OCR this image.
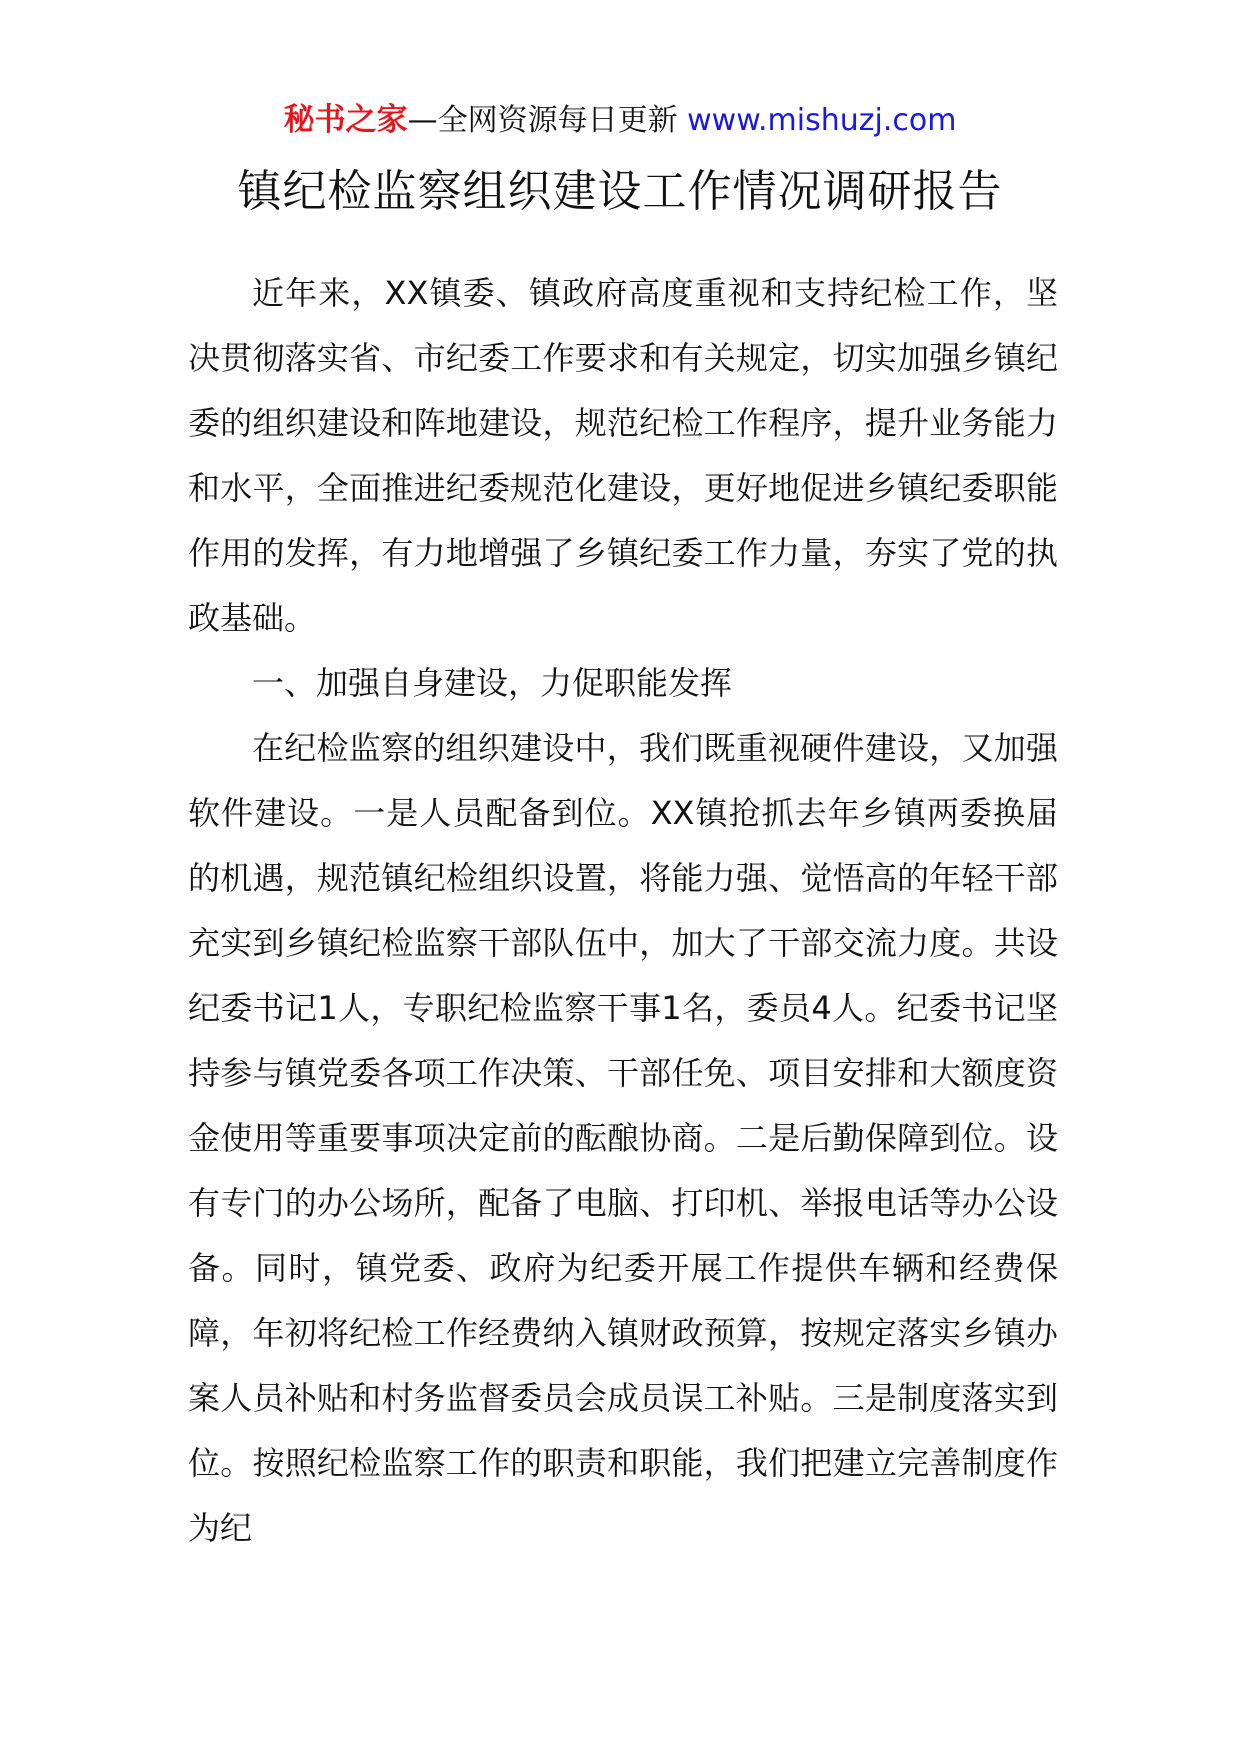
秘书之家—全网资源每日更新 www.mishuzj.com
镇纪检监察组织建设工作情况调研报告

近年来，XX镇委、镇政府高度重视和支持纪检工作，坚决贯彻落实省、市纪委工作要求和有关规定，切实加强乡镇纪委的组织建设和阵地建设，规范纪检工作程序，提升业务能力和水平，全面推进纪委规范化建设，更好地促进乡镇纪委职能作用的发挥，有力地增强了乡镇纪委工作力量，夯实了党的执政基础。

一、加强自身建设，力促职能发挥

在纪检监察的组织建设中，我们既重视硬件建设，又加强软件建设。一是人员配备到位。XX镇抢抓去年乡镇两委换届的机遇，规范镇纪检组织设置，将能力强、觉悟高的年轻干部充实到乡镇纪检监察干部队伍中，加大了干部交流力度。共设纪委书记1人，专职纪检监察干事1名，委员4人。纪委书记坚持参与镇党委各项工作决策、干部任免、项目安排和大额度资金使用等重要事项决定前的酝酿协商。二是后勤保障到位。设有专门的办公场所，配备了电脑、打印机、举报电话等办公设备。同时，镇党委、政府为纪委开展工作提供车辆和经费保障，年初将纪检工作经费纳入镇财政预算，按规定落实乡镇办案人员补贴和村务监督委员会成员误工补贴。三是制度落实到位。按照纪检监察工作的职责和职能，我们把建立完善制度作为纪
